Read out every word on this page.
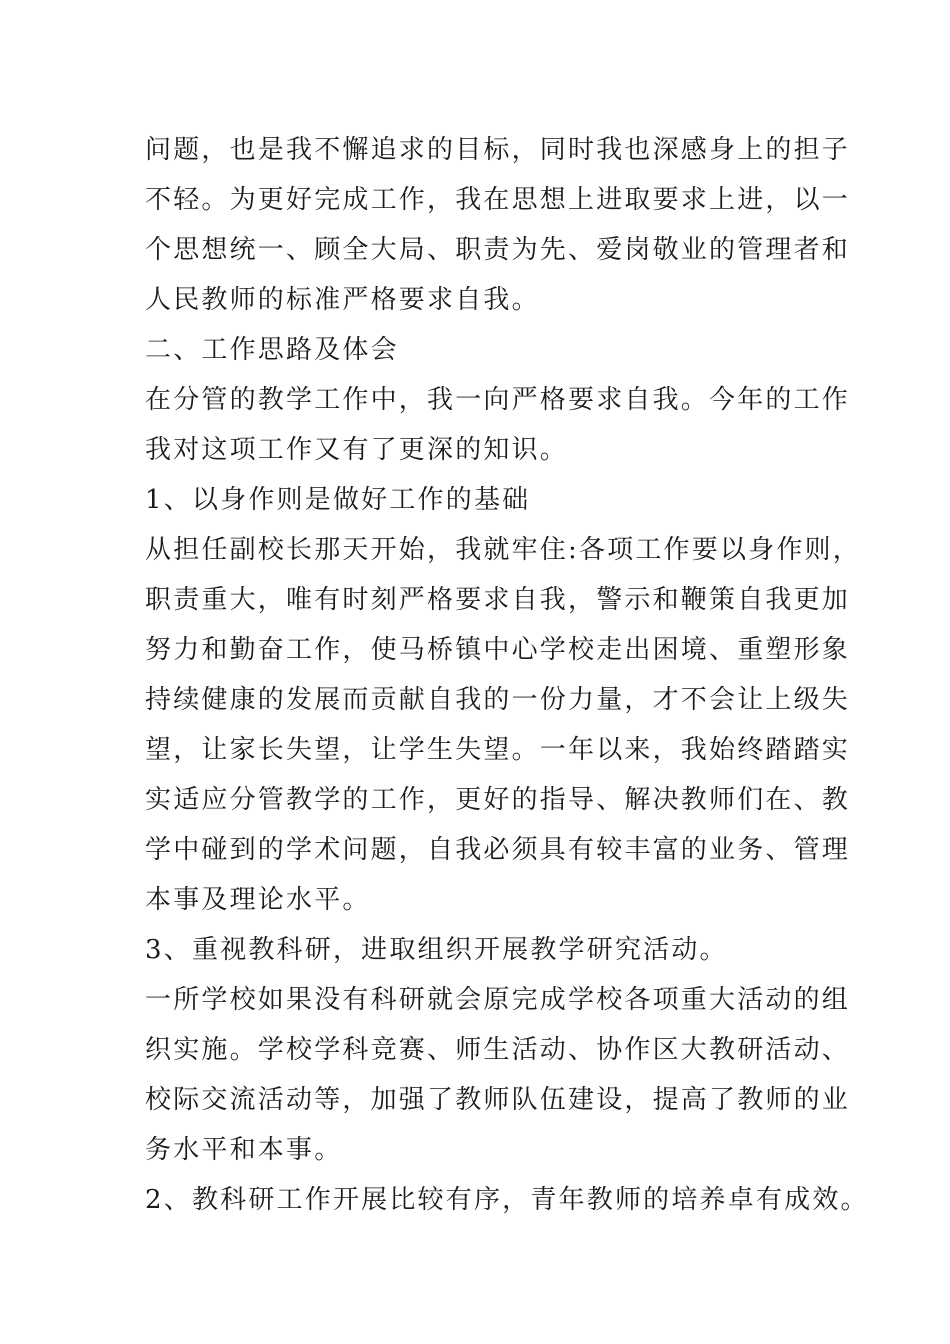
问题，也是我不懈追求的目标，同时我也深感身上的担子
不轻。为更好完成工作，我在思想上进取要求上进，以一
个思想统一、顾全大局、职责为先、爱岗敬业的管理者和
人民教师的标准严格要求自我。
二、工作思路及体会
在分管的教学工作中，我一向严格要求自我。今年的工作
我对这项工作又有了更深的知识。
1、以身作则是做好工作的基础
从担任副校长那天开始，我就牢住:各项工作要以身作则，
职责重大，唯有时刻严格要求自我，警示和鞭策自我更加
努力和勤奋工作，使马桥镇中心学校走出困境、重塑形象
持续健康的发展而贡献自我的一份力量，才不会让上级失
望，让家长失望，让学生失望。一年以来，我始终踏踏实
实适应分管教学的工作，更好的指导、解决教师们在、教
学中碰到的学术问题，自我必须具有较丰富的业务、管理
本事及理论水平。
3、重视教科研，进取组织开展教学研究活动。
一所学校如果没有科研就会原完成学校各项重大活动的组
织实施。学校学科竞赛、师生活动、协作区大教研活动、
校际交流活动等，加强了教师队伍建设，提高了教师的业
务水平和本事。
2、教科研工作开展比较有序，青年教师的培养卓有成效。
